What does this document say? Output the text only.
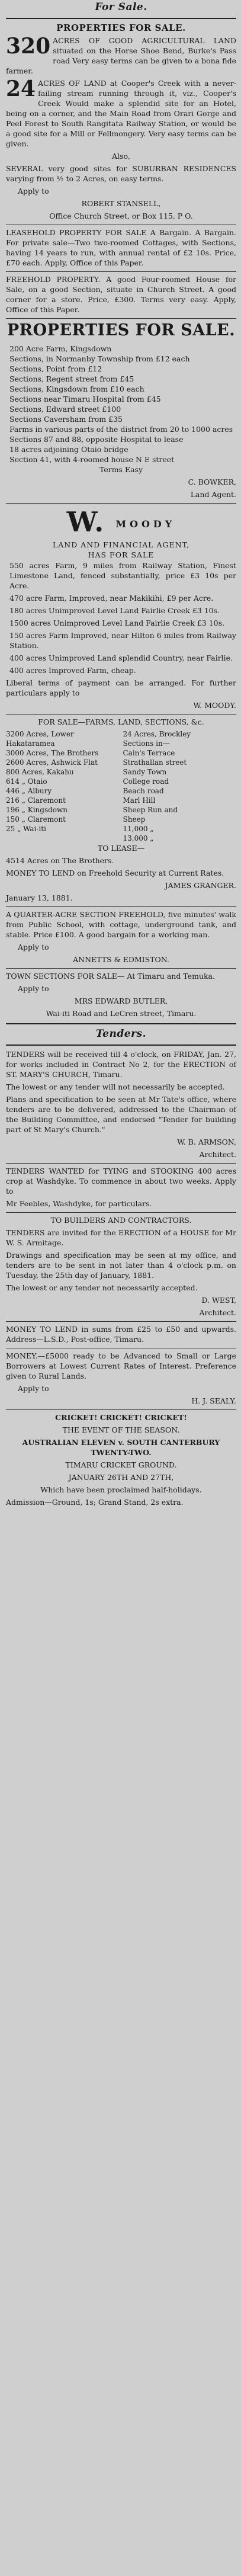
For Sale.
PROPERTIES FOR SALE.
320 ACRES OF GOOD AGRICULTURAL LAND situated on the Horse Shoe Bend, Burke's Pass road Very easy terms can be given to a bona fide farmer.
24 ACRES OF LAND at Cooper's Creek with a never-failing stream running through it, viz., Cooper's Creek Would make a splendid site for an Hotel, being on a corner, and the Main Road from Orari Gorge and Peel Forest to South Rangitata Railway Station, or would be a good site for a Mill or Fellmongery. Very easy terms can be given.
Also,
SEVERAL very good sites for SUBURBAN RESIDENCES varying from ½ to 2 Acres, on easy terms.
Apply to
ROBERT STANSELL,
Office Church Street, or Box 115, P O.
LEASEHOLD PROPERTY FOR SALE A Bargain. A Bargain. For private sale—Two two-roomed Cottages, with Sections, having 14 years to run, with annual rental of £2 10s. Price, £70 each. Apply, Office of this Paper.
FREEHOLD PROPERTY. A good Four-roomed House for Sale, on a good Section, situate in Church Street. A good corner for a store. Price, £300. Terms very easy. Apply, Office of this Paper.
PROPERTIES FOR SALE.
200 Acre Farm, Kingsdown
Sections, in Normanby Township from £12 each
Sections, Point from £12
Sections, Regent street from £45
Sections, Kingsdown from £10 each
Sections near Timaru Hospital from £45
Sections, Edward street £100
Sections Caversham from £35
Farms in various parts of the district from 20 to 1000 acres
Sections 87 and 88, opposite Hospital to lease
18 acres adjoining Otaio bridge
Section 41, with 4-roomed house N E street
Terms Easy
C. BOWKER,
Land Agent.
W. MOODY
LAND AND FINANCIAL AGENT,
HAS FOR SALE
550 acres Farm, 9 miles from Railway Station, Finest Limestone Land, fenced substantially, price £3 10s per Acre.
470 acre Farm, Improved, near Makikihi, £9 per Acre.
180 acres Unimproved Level Land Fairlie Creek £3 10s.
1500 acres Unimproved Level Land Fairlie Creek £3 10s.
150 acres Farm Improved, near Hilton 6 miles from Railway Station.
400 acres Unimproved Land splendid Country, near Fairlie.
400 acres Improved Farm, cheap.
Liberal terms of payment can be arranged. For further particulars apply to
W. MOODY.
FOR SALE—FARMS, LAND, SECTIONS, &c.
3200 Acres, Lower Hakataramea
3000 Acres, The Brothers
2600 Acres, Ashwick Flat
800 Acres, Kakahu
614 „ Otaio
446 „ Albury
216 „ Claremont
196 „ Kingsdown
150 „ Claremont
25 „ Wai-iti
24 Acres, Brockley
Sections in—
Cain's Terrace
Strathallan street
Sandy Town
College road
Beach road
Marl Hill
Sheep Run and
Sheep
11,000 „
13,000 „
TO LEASE—
4514 Acres on The Brothers.
MONEY TO LEND on Freehold Security at Current Rates.
JAMES GRANGER.
January 13, 1881.
A QUARTER-ACRE SECTION FREEHOLD, five minutes' walk from Public School, with cottage, underground tank, and stable. Price £100. A good bargain for a working man.
Apply to
ANNETTS & EDMISTON.
TOWN SECTIONS FOR SALE— At Timaru and Temuka.
Apply to
MRS EDWARD BUTLER,
Wai-iti Road and LeCren street, Timaru.
Tenders.
TENDERS will be received till 4 o'clock, on FRIDAY, Jan. 27, for works included in Contract No 2, for the ERECTION of ST. MARY'S CHURCH, Timaru.
The lowest or any tender will not necessarily be accepted.
Plans and specification to be seen at Mr Tate's office, where tenders are to be delivered, addressed to the Chairman of the Building Committee, and endorsed "Tender for building part of St Mary's Church."
W. B. ARMSON,
Architect.
TENDERS WANTED for TYING and STOOKING 400 acres crop at Washdyke. To commence in about two weeks. Apply to
Mr Feebles, Washdyke, for particulars.
TO BUILDERS AND CONTRACTORS.
TENDERS are invited for the ERECTION of a HOUSE for Mr W. S. Armitage.
Drawings and specification may be seen at my office, and tenders are to be sent in not later than 4 o'clock p.m. on Tuesday, the 25th day of January, 1881.
The lowest or any tender not necessarily accepted.
D. WEST,
Architect.
MONEY TO LEND in sums from £25 to £50 and upwards. Address—L.S.D., Post-office, Timaru.
MONEY.—£5000 ready to be Advanced to Small or Large Borrowers at Lowest Current Rates of Interest. Preference given to Rural Lands.
Apply to
H. J. SEALY.
CRICKET! CRICKET! CRICKET!
THE EVENT OF THE SEASON.
AUSTRALIAN ELEVEN v. SOUTH CANTERBURY TWENTY-TWO.
TIMARU CRICKET GROUND.
JANUARY 26TH AND 27TH,
Which have been proclaimed half-holidays.
Admission—Ground, 1s; Grand Stand, 2s extra.
